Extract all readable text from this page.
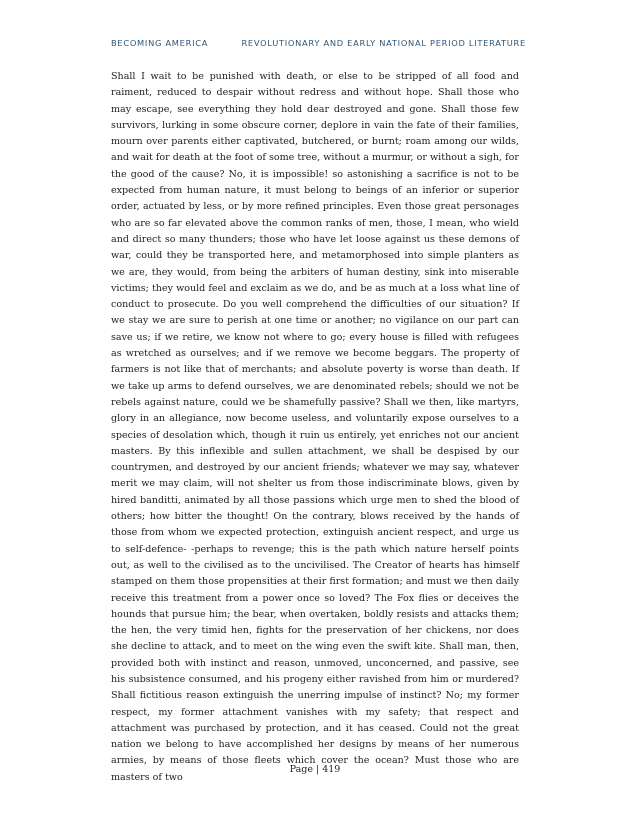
BECOMING AMERICA	REVOLUTIONARY AND EARLY NATIONAL PERIOD LITERATURE

Shall I wait to be punished with death, or else to be stripped of all food and raiment, reduced to despair without redress and without hope. Shall those who may escape, see everything they hold dear destroyed and gone. Shall those few survivors, lurking in some obscure corner, deplore in vain the fate of their families, mourn over parents either captivated, butchered, or burnt; roam among our wilds, and wait for death at the foot of some tree, without a murmur, or without a sigh, for the good of the cause? No, it is impossible! so astonishing a sacrifice is not to be expected from human nature, it must belong to beings of an inferior or superior order, actuated by less, or by more refined principles. Even those great personages who are so far elevated above the common ranks of men, those, I mean, who wield and direct so many thunders; those who have let loose against us these demons of war, could they be transported here, and metamorphosed into simple planters as we are, they would, from being the arbiters of human destiny, sink into miserable victims; they would feel and exclaim as we do, and be as much at a loss what line of conduct to prosecute. Do you well comprehend the difficulties of our situation? If we stay we are sure to perish at one time or another; no vigilance on our part can save us; if we retire, we know not where to go; every house is filled with refugees as wretched as ourselves; and if we remove we become beggars. The property of farmers is not like that of merchants; and absolute poverty is worse than death. If we take up arms to defend ourselves, we are denominated rebels; should we not be rebels against nature, could we be shamefully passive? Shall we then, like martyrs, glory in an allegiance, now become useless, and voluntarily expose ourselves to a species of desolation which, though it ruin us entirely, yet enriches not our ancient masters. By this inflexible and sullen attachment, we shall be despised by our countrymen, and destroyed by our ancient friends; whatever we may say, whatever merit we may claim, will not shelter us from those indiscriminate blows, given by hired banditti, animated by all those passions which urge men to shed the blood of others; how bitter the thought! On the contrary, blows received by the hands of those from whom we expected protection, extinguish ancient respect, and urge us to self-defence- -perhaps to revenge; this is the path which nature herself points out, as well to the civilised as to the uncivilised. The Creator of hearts has himself stamped on them those propensities at their first formation; and must we then daily receive this treatment from a power once so loved? The Fox flies or deceives the hounds that pursue him; the bear, when overtaken, boldly resists and attacks them; the hen, the very timid hen, fights for the preservation of her chickens, nor does she decline to attack, and to meet on the wing even the swift kite. Shall man, then, provided both with instinct and reason, unmoved, unconcerned, and passive, see his subsistence consumed, and his progeny either ravished from him or murdered? Shall fictitious reason extinguish the unerring impulse of instinct? No; my former respect, my former attachment vanishes with my safety; that respect and attachment was purchased by protection, and it has ceased. Could not the great nation we belong to have accomplished her designs by means of her numerous armies, by means of those fleets which cover the ocean? Must those who are masters of two

Page | 419
